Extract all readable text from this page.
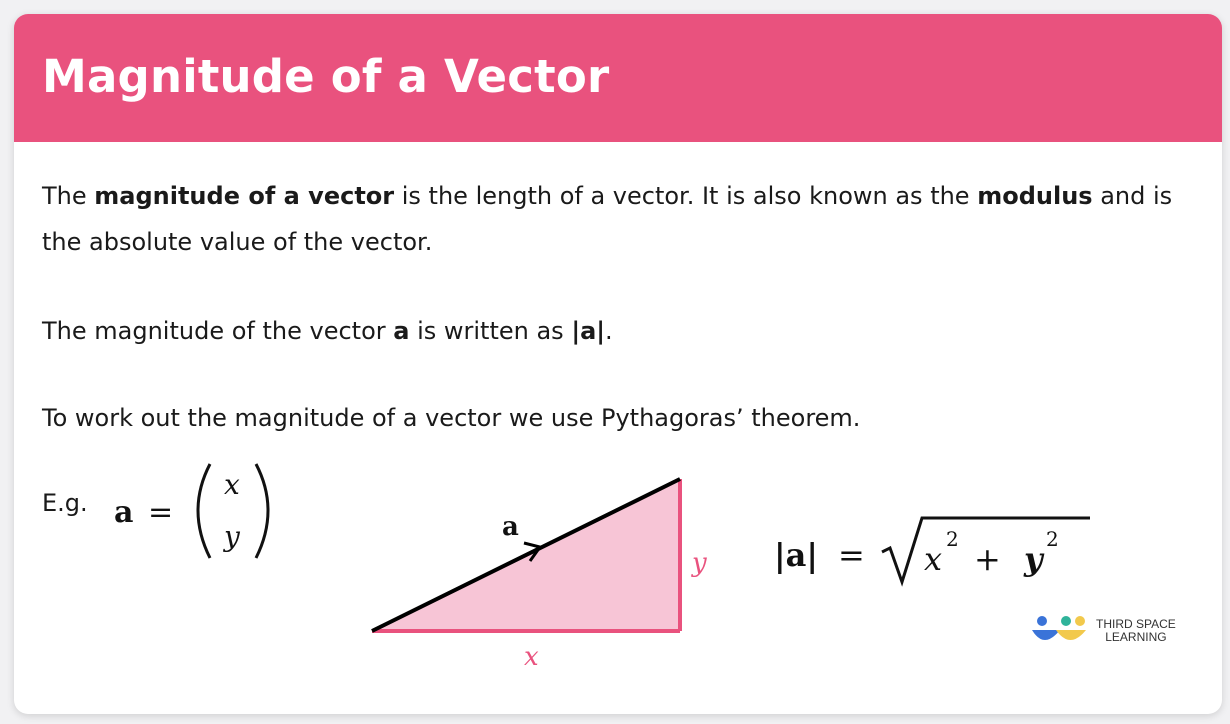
Magnitude of a Vector
The magnitude of a vector is the length of a vector. It is also known as the modulus and is the absolute value of the vector.
The magnitude of the vector a is written as |a|.
To work out the magnitude of a vector we use Pythagoras’ theorem.
E.g. a =
x
y	a
y
x
|a| = x
2
+ y
2
THIRD SPACE
LEARNING
